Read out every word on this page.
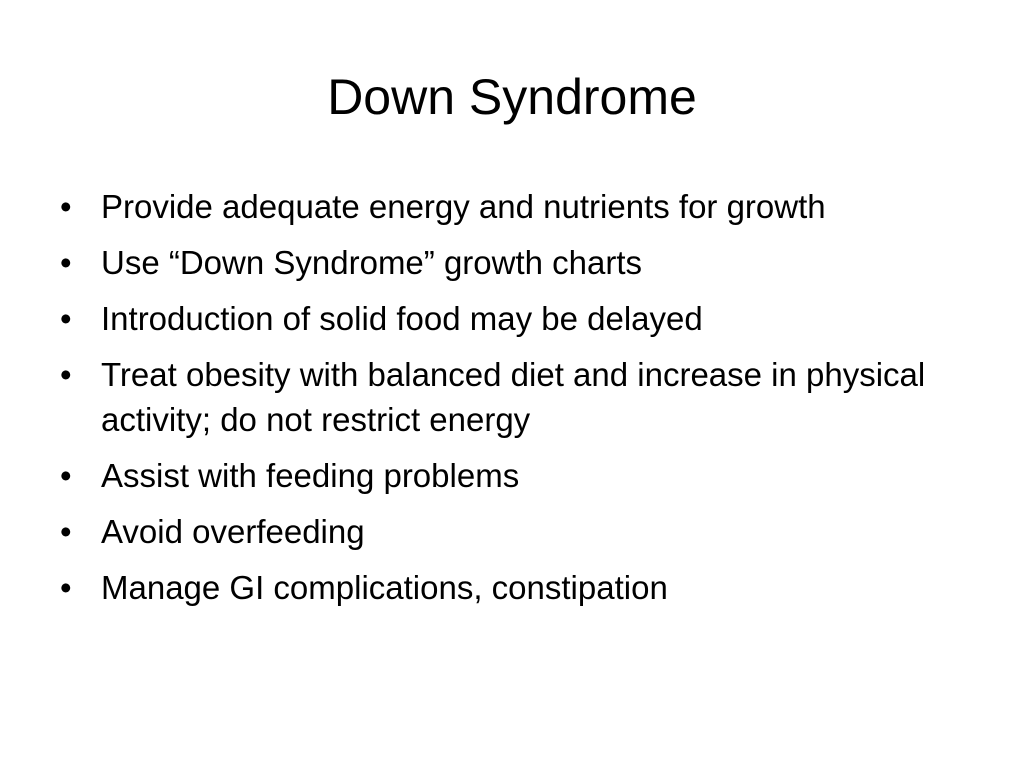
Down Syndrome
• Provide adequate energy and nutrients for growth
• Use “Down Syndrome” growth charts
• Introduction of solid food may be delayed
• Treat obesity with balanced diet and increase in physical activity; do not restrict energy
• Assist with feeding problems
• Avoid overfeeding
• Manage GI complications, constipation
